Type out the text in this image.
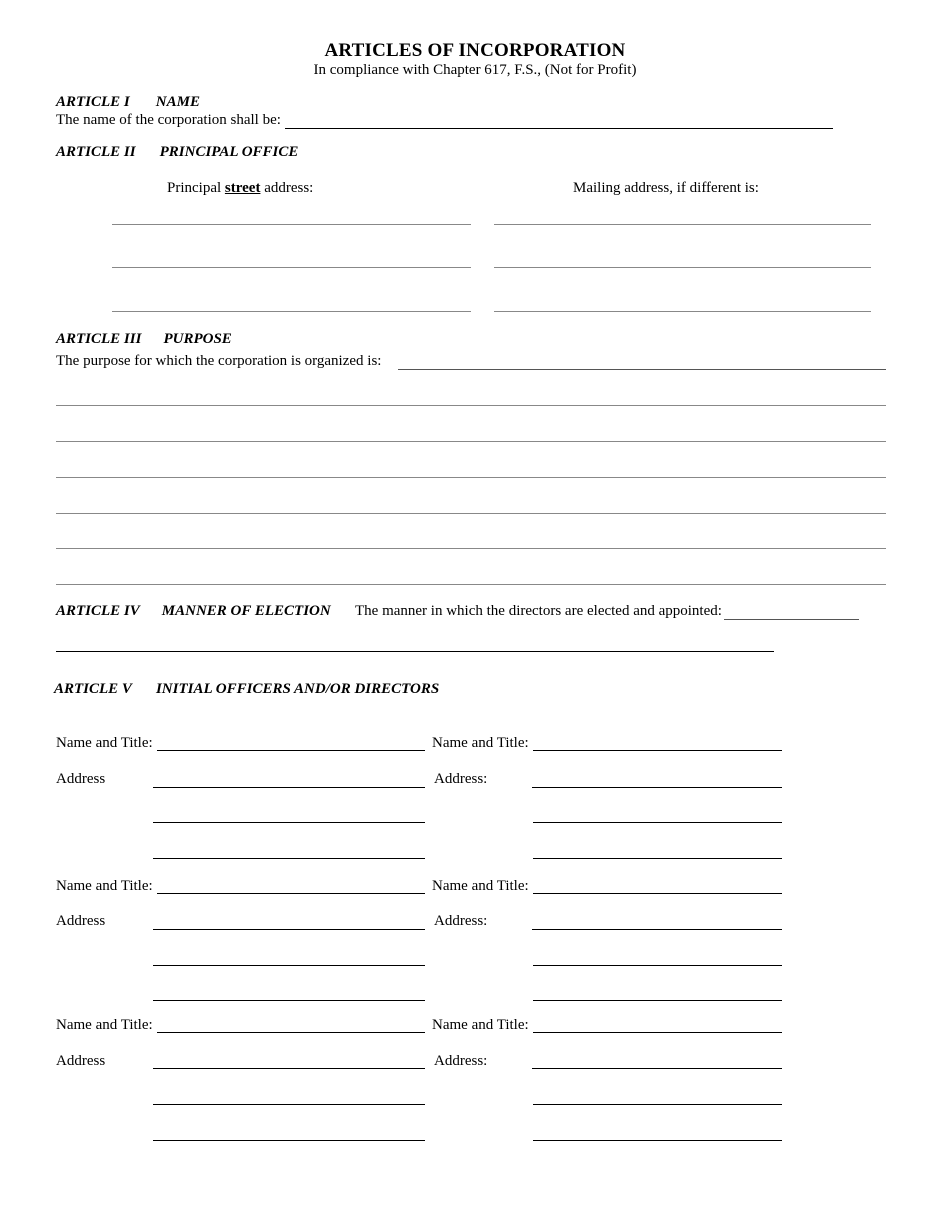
ARTICLES OF INCORPORATION
In compliance with Chapter 617, F.S., (Not for Profit)
ARTICLE I NAME
The name of the corporation shall be:
ARTICLE II PRINCIPAL OFFICE
Principal street address:	Mailing address, if different is:
ARTICLE III PURPOSE
The purpose for which the corporation is organized is:
ARTICLE IV MANNER OF ELECTION	The manner in which the directors are elected and appointed:
ARTICLE V INITIAL OFFICERS AND/OR DIRECTORS
Name and Title:	Name and Title:
Address	Address:
Name and Title:	Name and Title:
Address	Address:
Name and Title:	Name and Title:
Address	Address:
